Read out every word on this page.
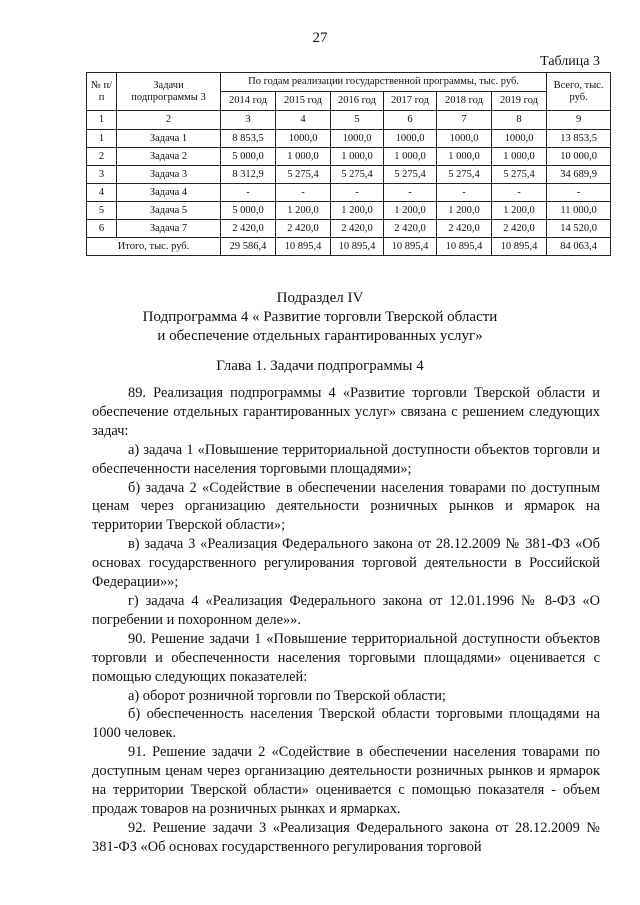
27
Таблица 3
№ п/п	Задачи подпрограммы 3	По годам реализации государственной программы, тыс. руб.						Всего, тыс. руб.
		2014 год	2015 год	2016 год	2017 год	2018 год	2019 год	
1	2	3	4	5	6	7	8	9
1	Задача 1	8 853,5	1000,0	1000,0	1000,0	1000,0	1000,0	13 853,5
2	Задача 2	5 000,0	1 000,0	1 000,0	1 000,0	1 000,0	1 000,0	10 000,0
3	Задача 3	8 312,9	5 275,4	5 275,4	5 275,4	5 275,4	5 275,4	34 689,9
4	Задача 4	-	-	-	-	-	-	-
5	Задача 5	5 000,0	1 200,0	1 200,0	1 200,0	1 200,0	1 200,0	11 000,0
6	Задача 7	2 420,0	2 420,0	2 420,0	2 420,0	2 420,0	2 420,0	14 520,0
Итого, тыс. руб.		29 586,4	10 895,4	10 895,4	10 895,4	10 895,4	10 895,4	84 063,4
Подраздел IV
Подпрограмма 4 « Развитие торговли Тверской области
и обеспечение отдельных гарантированных услуг»
Глава 1. Задачи подпрограммы 4

89. Реализация подпрограммы 4 «Развитие торговли Тверской области и обеспечение отдельных гарантированных услуг» связана с решением следующих задач:

а) задача 1 «Повышение территориальной доступности объектов торговли и обеспеченности населения торговыми площадями»;

б) задача 2 «Содействие в обеспечении населения товарами по доступным ценам через организацию деятельности розничных рынков и ярмарок на территории Тверской области»;

в) задача 3 «Реализация Федерального закона от 28.12.2009 № 381-ФЗ «Об основах государственного регулирования торговой деятельности в Российской Федерации»»;

г) задача 4 «Реализация Федерального закона от 12.01.1996 № 8-ФЗ «О погребении и похоронном деле»».

90. Решение задачи 1 «Повышение территориальной доступности объектов торговли и обеспеченности населения торговыми площадями» оценивается с помощью следующих показателей:

а) оборот розничной торговли по Тверской области;

б) обеспеченность населения Тверской области торговыми площадями на 1000 человек.

91. Решение задачи 2 «Содействие в обеспечении населения товарами по доступным ценам через организацию деятельности розничных рынков и ярмарок на территории Тверской области» оценивается с помощью показателя - объем продаж товаров на розничных рынках и ярмарках.

92. Решение задачи 3 «Реализация Федерального закона от 28.12.2009 № 381-ФЗ «Об основах государственного регулирования торговой
